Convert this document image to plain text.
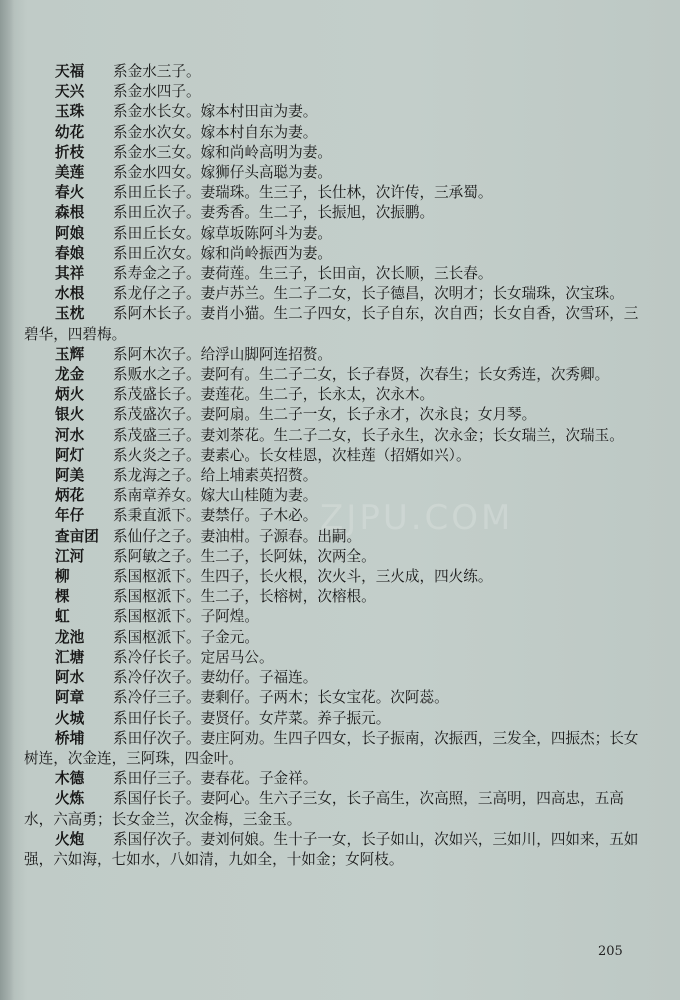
ZJPU.COM
天福 系金水三子。
天兴 系金水四子。
玉珠 系金水长女。嫁本村田亩为妻。
幼花 系金水次女。嫁本村自东为妻。
折枝 系金水三女。嫁和尚岭高明为妻。
美莲 系金水四女。嫁狮仔头高聪为妻。
春火 系田丘长子。妻瑞珠。生三子，长仕林，次许传，三承蜀。
森根 系田丘次子。妻秀香。生二子，长振旭，次振鹏。
阿娘 系田丘长女。嫁草坂陈阿斗为妻。
春娘 系田丘次女。嫁和尚岭振西为妻。
其祥 系寿金之子。妻荷莲。生三子，长田亩，次长顺，三长春。
水根 系龙仔之子。妻卢苏兰。生二子二女，长子德昌，次明才；长女瑞珠，次宝珠。
玉枕 系阿木长子。妻肖小猫。生二子四女，长子自东，次自西；长女自香，次雪环，三碧华，四碧梅。
玉辉 系阿木次子。给浮山脚阿连招赘。
龙金 系贩水之子。妻阿有。生二子二女，长子春贤，次春生；长女秀连，次秀卿。
炳火 系茂盛长子。妻莲花。生二子，长永太，次永木。
银火 系茂盛次子。妻阿扇。生二子一女，长子永才，次永良；女月琴。
河水 系茂盛三子。妻刘茶花。生二子二女，长子永生，次永金；长女瑞兰，次瑞玉。
阿灯 系火炎之子。妻素心。长女桂恩，次桂莲（招婿如兴）。
阿美 系龙海之子。给上埔素英招赘。
炳花 系南章养女。嫁大山桂随为妻。
年仔 系秉直派下。妻禁仔。子木必。
查亩团 系仙仔之子。妻油柑。子源春。出嗣。
江河 系阿敏之子。生二子，长阿妹，次两全。
柳	系国枢派下。生四子，长火根，次火斗，三火成，四火练。
棵	系国枢派下。生二子，长榕树，次榕根。
虹	系国枢派下。子阿煌。
龙池 系国枢派下。子金元。
汇塘 系冷仔长子。定居马公。
阿水 系冷仔次子。妻幼仔。子福连。
阿章 系冷仔三子。妻剩仔。子两木；长女宝花。次阿蕊。
火城 系田仔长子。妻贤仔。女芹菜。养子振元。
桥埔 系田仔次子。妻庄阿劝。生四子四女，长子振南，次振西，三发全，四振杰；长女树连，次金连，三阿珠，四金叶。
木德 系田仔三子。妻春花。子金祥。
火炼 系国仔长子。妻阿心。生六子三女，长子高生，次高照，三高明，四高忠，五高水，六高勇；长女金兰，次金梅，三金玉。
火炮 系国仔次子。妻刘何娘。生十子一女，长子如山，次如兴，三如川，四如来，五如强，六如海，七如水，八如清，九如全，十如金；女阿枝。
205
